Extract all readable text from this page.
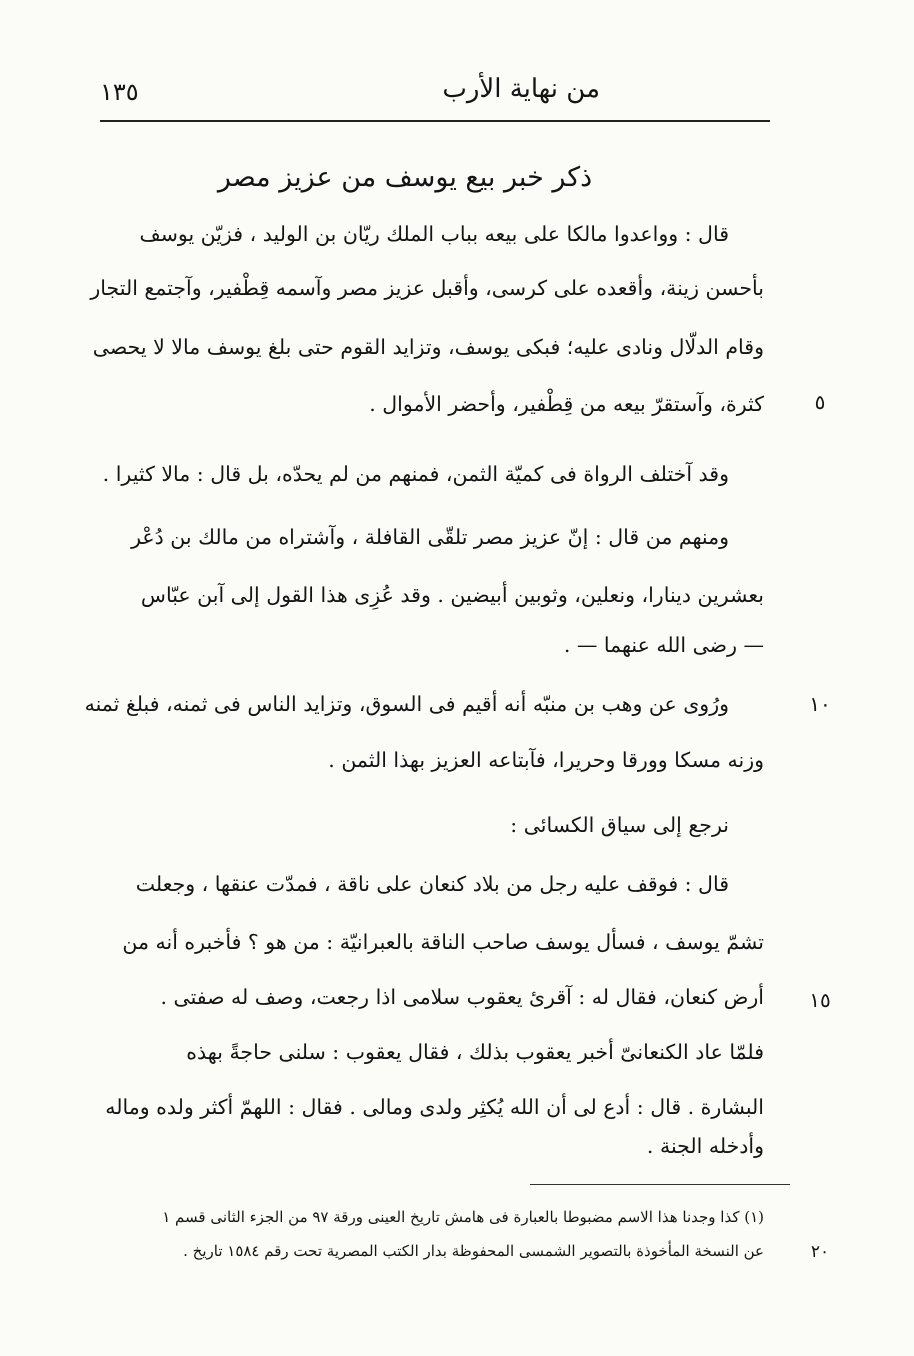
من نهاية الأرب
١٣٥
ذكر خبر بيع يوسف من عزيز مصر
قال : وواعدوا مالكا على بيعه بباب الملك ريّان بن الوليد ، فزيّن يوسف
بأحسن زينة، وأقعده على كرسى، وأقبل عزيز مصر وآسمه قِطْفير، وآجتمع التجار
وقام الدلّال ونادى عليه؛ فبكى يوسف، وتزايد القوم حتى بلغ يوسف مالا لا يحصى
كثرة، وآستقرّ بيعه من قِطْفير، وأحضر الأموال .	٥
وقد آختلف الرواة فى كميّة الثمن، فمنهم من لم يحدّه، بل قال : مالا كثيرا .
ومنهم من قال : إنّ عزيز مصر تلقّى القافلة ، وآشتراه من مالك بن دُعْر
بعشرين دينارا، ونعلين، وثوبين أبيضين . وقد عُزِى هذا القول إلى آبن عبّاس
— رضى الله عنهما — .
ورُوى عن وهب بن منبّه أنه أقيم فى السوق، وتزايد الناس فى ثمنه، فبلغ ثمنه	١٠
وزنه مسكا وورقا وحريرا، فآبتاعه العزيز بهذا الثمن .
نرجع إلى سياق الكسائى :
قال : فوقف عليه رجل من بلاد كنعان على ناقة ، فمدّت عنقها ، وجعلت
تشمّ يوسف ، فسأل يوسف صاحب الناقة بالعبرانيّة : من هو ؟ فأخبره أنه من
أرض كنعان، فقال له : آقرئ يعقوب سلامى اذا رجعت، وصف له صفتى .	١٥
فلمّا عاد الكنعانىّ أخبر يعقوب بذلك ، فقال يعقوب : سلنى حاجةً بهذه
البشارة . قال : أدع لى أن الله يُكثِر ولدى ومالى . فقال : اللهمّ أكثر ولده وماله
وأدخله الجنة .
(١) كذا وجدنا هذا الاسم مضبوطا بالعبارة فى هامش تاريخ العينى ورقة ٩٧ من الجزء الثانى قسم ١
عن النسخة المأخوذة بالتصوير الشمسى المحفوظة بدار الكتب المصرية تحت رقم ١٥٨٤ تاريخ .	٢٠
